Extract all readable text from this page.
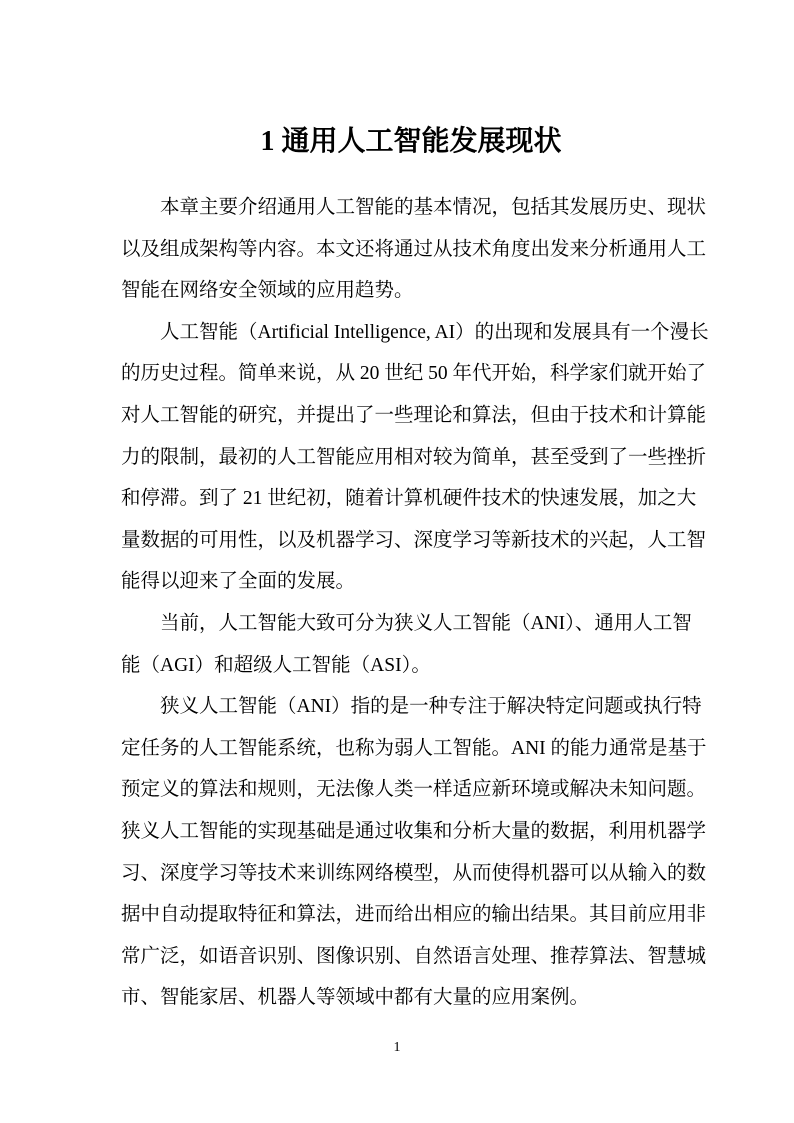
1 通用人工智能发展现状
本章主要介绍通用人工智能的基本情况，包括其发展历史、现状
以及组成架构等内容。本文还将通过从技术角度出发来分析通用人工
智能在网络安全领域的应用趋势。
人工智能（Artificial Intelligence, AI）的出现和发展具有一个漫长
的历史过程。简单来说，从 20 世纪 50 年代开始，科学家们就开始了
对人工智能的研究，并提出了一些理论和算法，但由于技术和计算能
力的限制，最初的人工智能应用相对较为简单，甚至受到了一些挫折
和停滞。到了 21 世纪初，随着计算机硬件技术的快速发展，加之大
量数据的可用性，以及机器学习、深度学习等新技术的兴起，人工智
能得以迎来了全面的发展。
当前，人工智能大致可分为狭义人工智能（ANI）、通用人工智
能（AGI）和超级人工智能（ASI）。
狭义人工智能（ANI）指的是一种专注于解决特定问题或执行特
定任务的人工智能系统，也称为弱人工智能。ANI 的能力通常是基于
预定义的算法和规则，无法像人类一样适应新环境或解决未知问题。
狭义人工智能的实现基础是通过收集和分析大量的数据，利用机器学
习、深度学习等技术来训练网络模型，从而使得机器可以从输入的数
据中自动提取特征和算法，进而给出相应的输出结果。其目前应用非
常广泛，如语音识别、图像识别、自然语言处理、推荐算法、智慧城
市、智能家居、机器人等领域中都有大量的应用案例。
1
